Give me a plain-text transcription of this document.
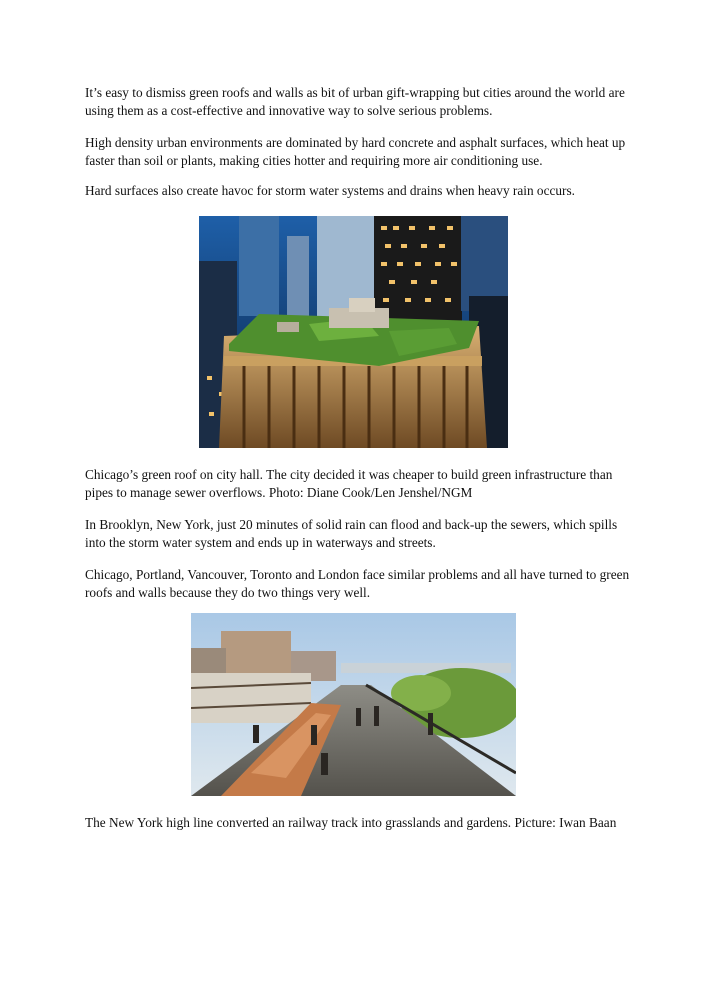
It’s easy to dismiss green roofs and walls as bit of urban gift-wrapping but cities around the world are using them as a cost-effective and innovative way to solve serious problems.

High density urban environments are dominated by hard concrete and asphalt surfaces, which heat up faster than soil or plants, making cities hotter and requiring more air conditioning use.

Hard surfaces also create havoc for storm water systems and drains when heavy rain occurs.

Chicago’s green roof on city hall. The city decided it was cheaper to build green infrastructure than pipes to manage sewer overflows. Photo: Diane Cook/Len Jenshel/NGM

In Brooklyn, New York, just 20 minutes of solid rain can flood and back-up the sewers, which spills into the storm water system and ends up in waterways and streets.

Chicago, Portland, Vancouver, Toronto and London face similar problems and all have turned to green roofs and walls because they do two things very well.

The New York high line converted an railway track into grasslands and gardens. Picture: Iwan Baan
